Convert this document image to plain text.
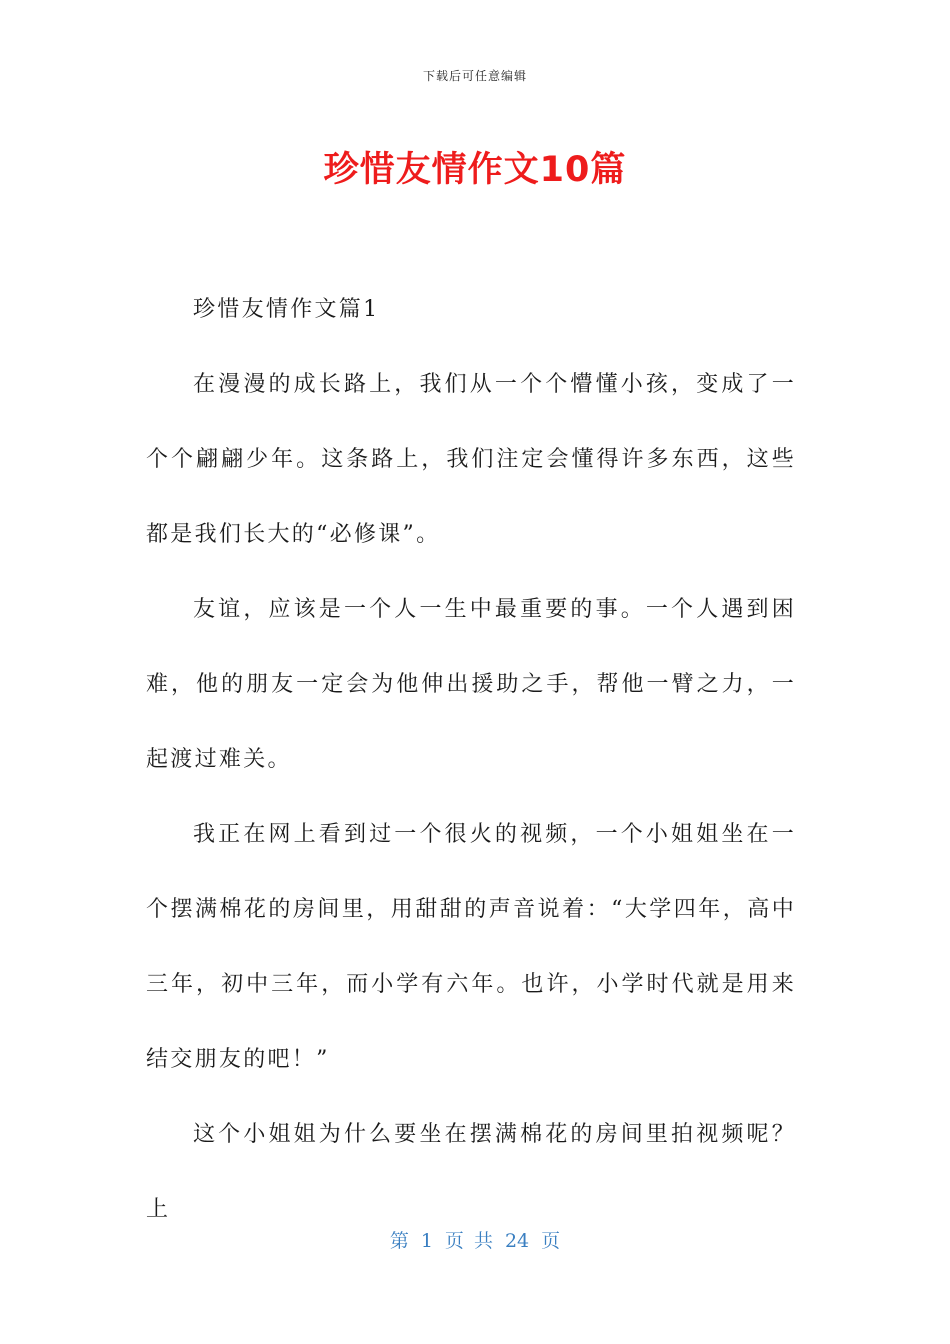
下载后可任意编辑
珍惜友情作文10篇

珍惜友情作文篇1

在漫漫的成长路上，我们从一个个懵懂小孩，变成了一个个翩翩少年。这条路上，我们注定会懂得许多东西，这些都是我们长大的“必修课”。

友谊，应该是一个人一生中最重要的事。一个人遇到困难，他的朋友一定会为他伸出援助之手，帮他一臂之力，一起渡过难关。

我正在网上看到过一个很火的视频，一个小姐姐坐在一个摆满棉花的房间里，用甜甜的声音说着：“大学四年，高中三年，初中三年，而小学有六年。也许，小学时代就是用来结交朋友的吧！”

这个小姐姐为什么要坐在摆满棉花的房间里拍视频呢？上

第 1 页 共 24 页
